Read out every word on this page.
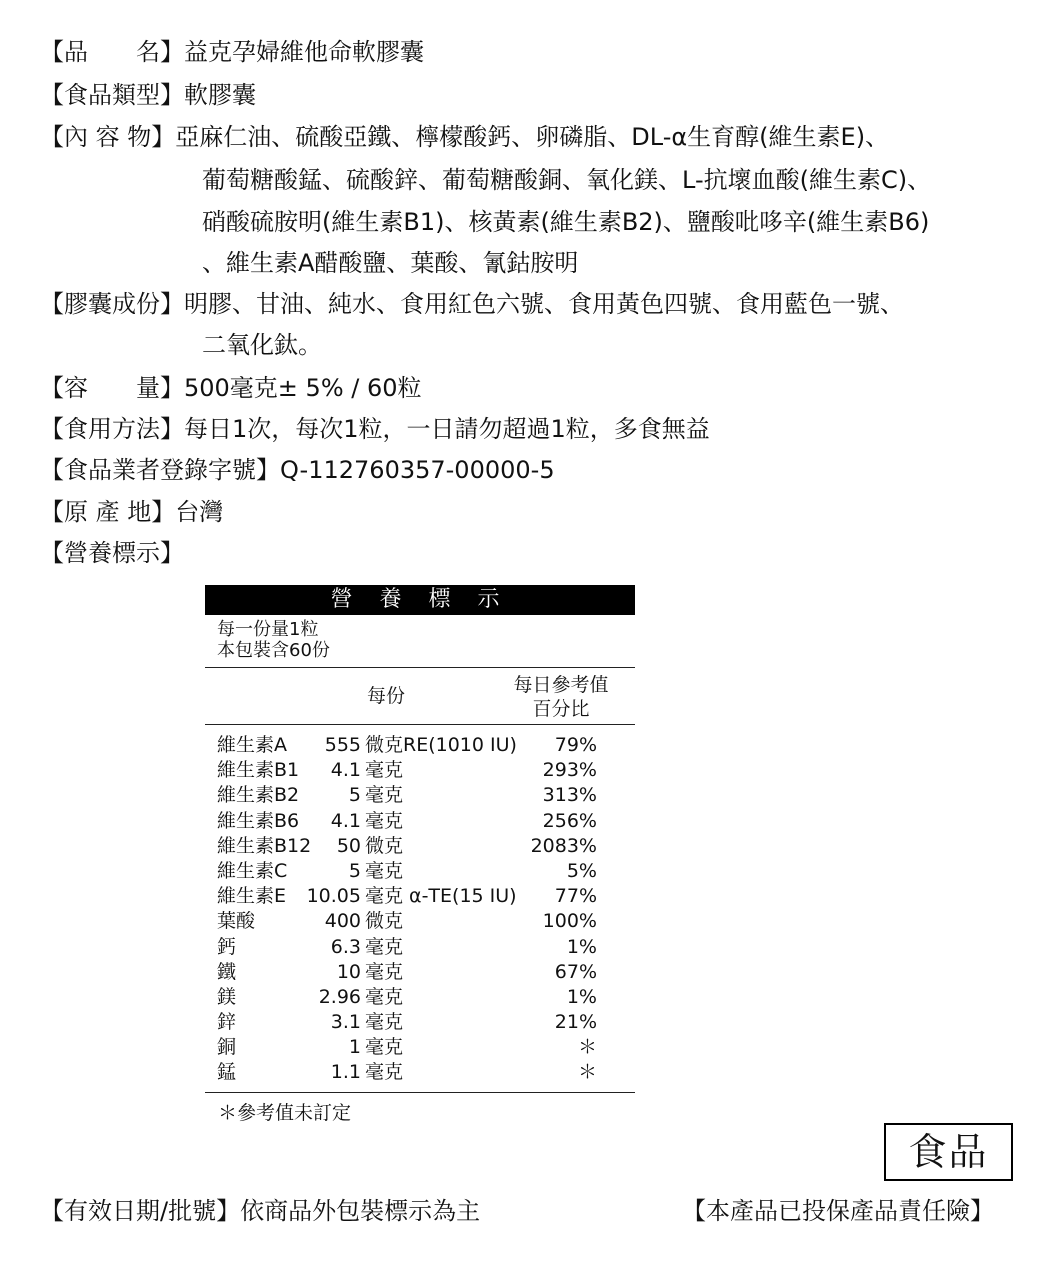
【品　　名】益克孕婦維他命軟膠囊
【食品類型】軟膠囊
【內 容 物】亞麻仁油、硫酸亞鐵、檸檬酸鈣、卵磷脂、DL-α生育醇(維生素E)、
葡萄糖酸錳、硫酸鋅、葡萄糖酸銅、氧化鎂、L-抗壞血酸(維生素C)、
硝酸硫胺明(維生素B1)、核黃素(維生素B2)、鹽酸吡哆辛(維生素B6)
、維生素A醋酸鹽、葉酸、氰鈷胺明
【膠囊成份】明膠、甘油、純水、食用紅色六號、食用黃色四號、食用藍色一號、
二氧化鈦。
【容　　量】500毫克± 5% / 60粒
【食用方法】每日1次，每次1粒，一日請勿超過1粒，多食無益
【食品業者登錄字號】Q-112760357-00000-5
【原 產 地】台灣
【營養標示】
營 養 標 示
每一份量1粒
本包裝含60份
每份	每日參考值
百分比
維生素A	555 微克RE(1010 IU)	79%
維生素B1	4.1 毫克	293%
維生素B2	5 毫克	313%
維生素B6	4.1 毫克	256%
維生素B12	50 微克	2083%
維生素C	5 毫克	5%
維生素E	10.05 毫克 α-TE(15 IU)	77%
葉酸	400 微克	100%
鈣	6.3 毫克	1%
鐵	10 毫克	67%
鎂	2.96 毫克	1%
鋅	3.1 毫克	21%
銅	1 毫克	＊
錳	1.1 毫克	＊
＊參考值未訂定
食品
【有效日期/批號】依商品外包裝標示為主	【本產品已投保產品責任險】
